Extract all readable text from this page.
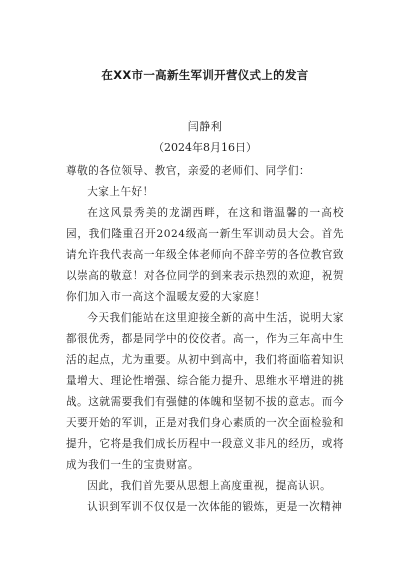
在XX市一高新生军训开营仪式上的发言

闫静利

（2024年8月16日）

尊敬的各位领导、教官，亲爱的老师们、同学们：

大家上午好！

在这风景秀美的龙湖西畔，在这和谐温馨的一高校园，我们隆重召开2024级高一新生军训动员大会。首先请允许我代表高一年级全体老师向不辞辛劳的各位教官致以崇高的敬意！对各位同学的到来表示热烈的欢迎，祝贺你们加入市一高这个温暖友爱的大家庭！

今天我们能站在这里迎接全新的高中生活，说明大家都很优秀，都是同学中的佼佼者。高一，作为三年高中生活的起点，尤为重要。从初中到高中，我们将面临着知识量增大、理论性增强、综合能力提升、思维水平增进的挑战。这就需要我们有强健的体魄和坚韧不拔的意志。而今天要开始的军训，正是对我们身心素质的一次全面检验和提升，它将是我们成长历程中一段意义非凡的经历，或将成为我们一生的宝贵财富。

因此，我们首先要从思想上高度重视，提高认识。

认识到军训不仅仅是一次体能的锻炼，更是一次精神
